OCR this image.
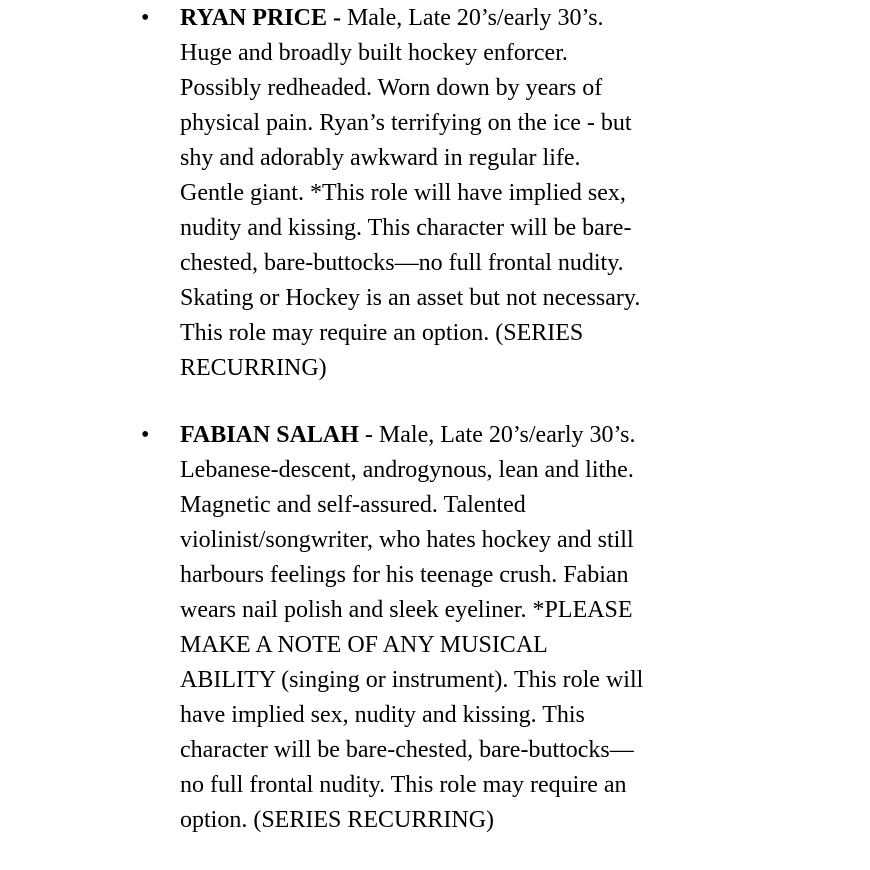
• RYAN PRICE - Male, Late 20’s/early 30’s.
Huge and broadly built hockey enforcer.
Possibly redheaded. Worn down by years of
physical pain. Ryan’s terrifying on the ice - but
shy and adorably awkward in regular life.
Gentle giant. *This role will have implied sex,
nudity and kissing. This character will be bare-
chested, bare-buttocks—no full frontal nudity.
Skating or Hockey is an asset but not necessary.
This role may require an option. (SERIES
RECURRING)
• FABIAN SALAH - Male, Late 20’s/early 30’s.
Lebanese-descent, androgynous, lean and lithe.
Magnetic and self-assured. Talented
violinist/songwriter, who hates hockey and still
harbours feelings for his teenage crush. Fabian
wears nail polish and sleek eyeliner. *PLEASE
MAKE A NOTE OF ANY MUSICAL
ABILITY (singing or instrument). This role will
have implied sex, nudity and kissing. This
character will be bare-chested, bare-buttocks—
no full frontal nudity. This role may require an
option. (SERIES RECURRING)
